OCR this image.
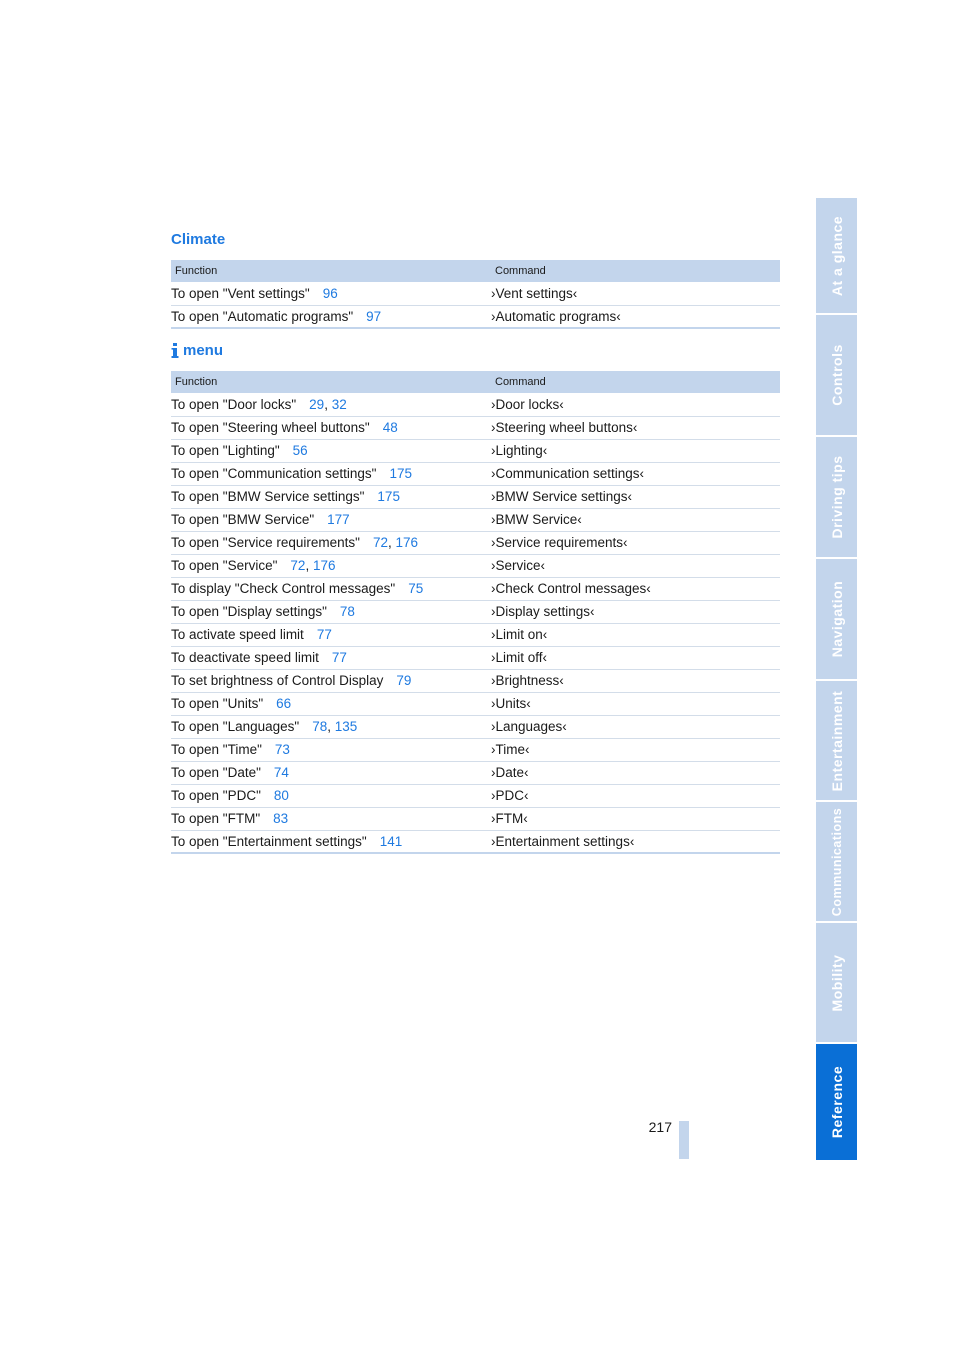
At a glance
Controls
Driving tips
Navigation
Entertainment
Communications
Mobility
Reference
217
Climate
Function	Command
To open "Vent settings" 96	›Vent settings‹
To open "Automatic programs" 97	›Automatic programs‹
menu
Function	Command
To open "Door locks" 29, 32	›Door locks‹
To open "Steering wheel buttons" 48	›Steering wheel buttons‹
To open "Lighting" 56	›Lighting‹
To open "Communication settings" 175	›Communication settings‹
To open "BMW Service settings" 175	›BMW Service settings‹
To open "BMW Service" 177	›BMW Service‹
To open "Service requirements" 72, 176	›Service requirements‹
To open "Service" 72, 176	›Service‹
To display "Check Control messages" 75	›Check Control messages‹
To open "Display settings" 78	›Display settings‹
To activate speed limit 77	›Limit on‹
To deactivate speed limit 77	›Limit off‹
To set brightness of Control Display 79	›Brightness‹
To open "Units" 66	›Units‹
To open "Languages" 78, 135	›Languages‹
To open "Time" 73	›Time‹
To open "Date" 74	›Date‹
To open "PDC" 80	›PDC‹
To open "FTM" 83	›FTM‹
To open "Entertainment settings" 141	›Entertainment settings‹
